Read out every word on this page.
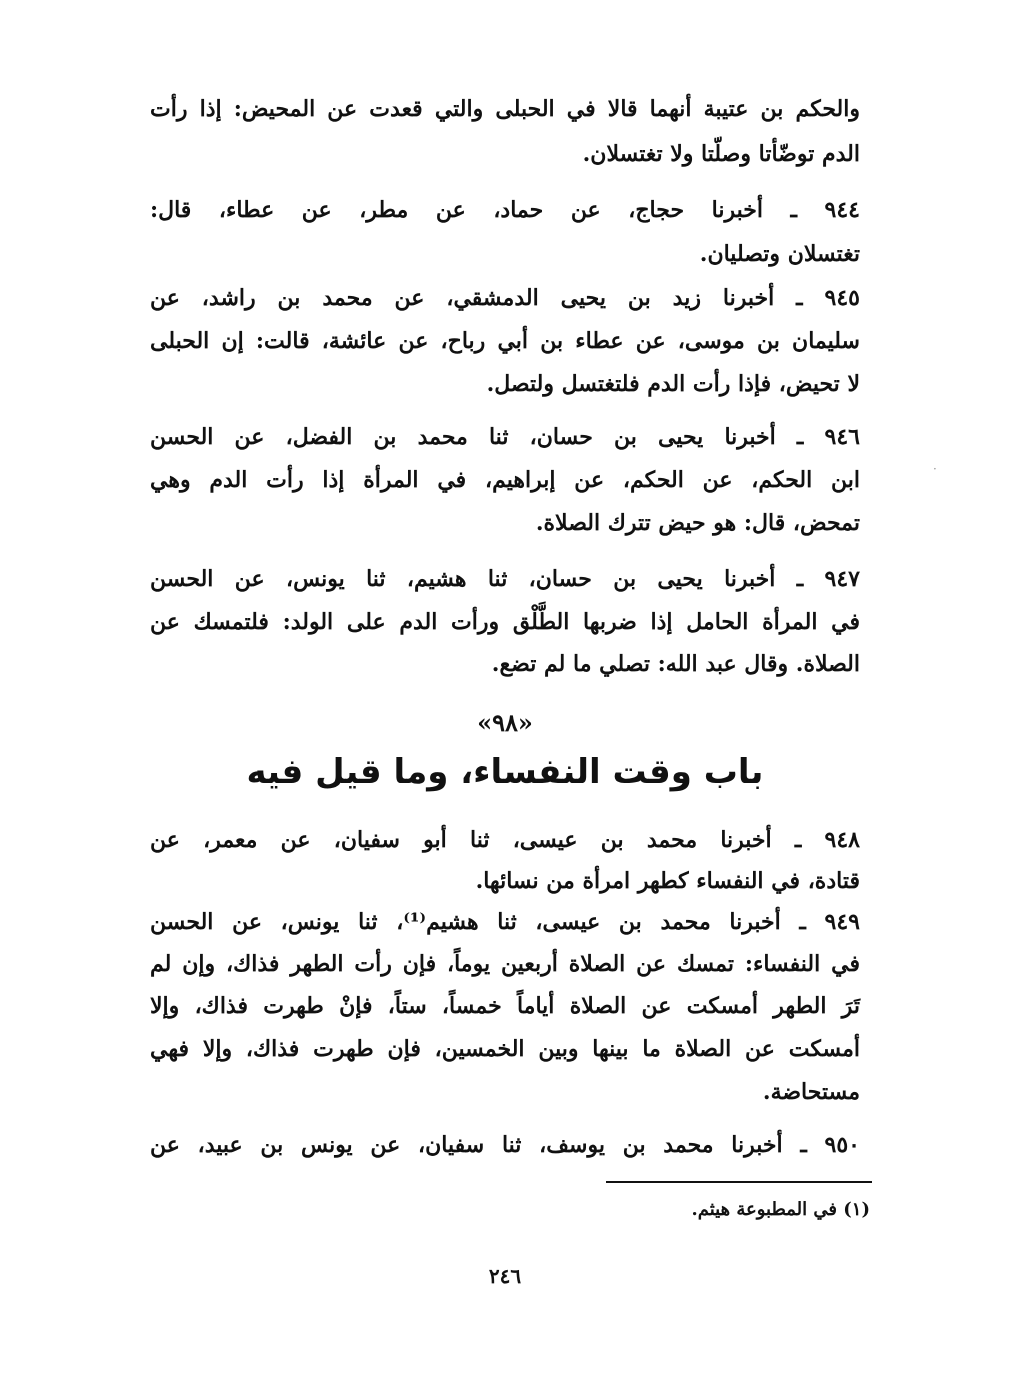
والحكم بن عتيبة أنهما قالا في الحبلى والتي قعدت عن المحيض: إذا رأت

الدم توضّأتا وصلّتا ولا تغتسلان.

٩٤٤ ـ أخبرنا حجاج، عن حماد، عن مطر، عن عطاء، قال:

تغتسلان وتصليان.

٩٤٥ ـ أخبرنا زيد بن يحيى الدمشقي، عن محمد بن راشد، عن

سليمان بن موسى، عن عطاء بن أبي رباح، عن عائشة، قالت: إن الحبلى

لا تحيض، فإذا رأت الدم فلتغتسل ولتصل.

٩٤٦ ـ أخبرنا يحيى بن حسان، ثنا محمد بن الفضل، عن الحسن

ابن الحكم، عن الحكم، عن إبراهيم، في المرأة إذا رأت الدم وهي

تمحض، قال: هو حيض تترك الصلاة.

٩٤٧ ـ أخبرنا يحيى بن حسان، ثنا هشيم، ثنا يونس، عن الحسن

في المرأة الحامل إذا ضربها الطَّلْق ورأت الدم على الولد: فلتمسك عن

الصلاة. وقال عبد الله: تصلي ما لم تضع.

«٩٨»

باب وقت النفساء، وما قيل فيه

٩٤٨ ـ أخبرنا محمد بن عيسى، ثنا أبو سفيان، عن معمر، عن

قتادة، في النفساء كطهر امرأة من نسائها.

٩٤٩ ـ أخبرنا محمد بن عيسى، ثنا هشيم⁽¹⁾، ثنا يونس، عن الحسن

في النفساء: تمسك عن الصلاة أربعين يوماً، فإن رأت الطهر فذاك، وإن لم

تَرَ الطهر أمسكت عن الصلاة أياماً خمساً، ستاً، فإنْ طهرت فذاك، وإلا

أمسكت عن الصلاة ما بينها وبين الخمسين، فإن طهرت فذاك، وإلا فهي

مستحاضة.

٩٥٠ ـ أخبرنا محمد بن يوسف، ثنا سفيان، عن يونس بن عبيد، عن

(١) في المطبوعة هيثم.

٢٤٦

·
